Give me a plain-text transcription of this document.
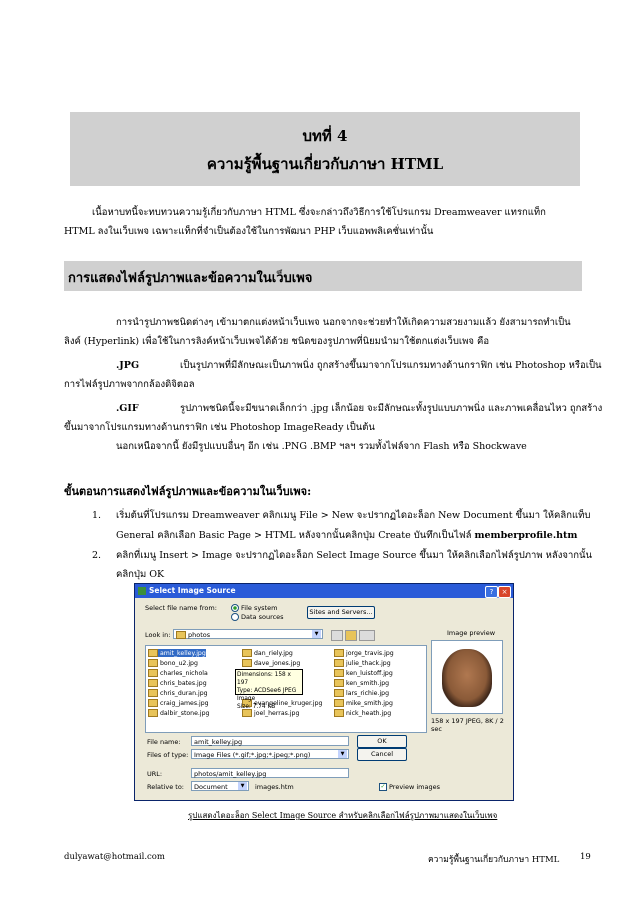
บทที่ 4
ความรู้พื้นฐานเกี่ยวกับภาษา HTML
เนื้อหาบทนี้จะทบทวนความรู้เกี่ยวกับภาษา HTML ซึ่งจะกล่าวถึงวิธีการใช้โปรแกรม Dreamweaver แทรกแท็ก
HTML ลงในเว็บเพจ เฉพาะแท็กที่จำเป็นต้องใช้ในการพัฒนา PHP เว็บแอพพลิเคชั่นเท่านั้น
การแสดงไฟล์รูปภาพและข้อความในเว็บเพจ
การนำรูปภาพชนิดต่างๆ เข้ามาตกแต่งหน้าเว็บเพจ นอกจากจะช่วยทำให้เกิดความสวยงามแล้ว ยังสามารถทำเป็น
ลิงค์ (Hyperlink) เพื่อใช้ในการลิงค์หน้าเว็บเพจได้ด้วย ชนิดของรูปภาพที่นิยมนำมาใช้ตกแต่งเว็บเพจ คือ
.JPG	เป็นรูปภาพที่มีลักษณะเป็นภาพนิ่ง ถูกสร้างขึ้นมาจากโปรแกรมทางด้านกราฟิก เช่น Photoshop หรือเป็น
การไฟล์รูปภาพจากกล้องดิจิตอล
.GIF	รูปภาพชนิดนี้จะมีขนาดเล็กกว่า .jpg เล็กน้อย จะมีลักษณะทั้งรูปแบบภาพนิ่ง และภาพเคลื่อนไหว ถูกสร้าง
ขึ้นมาจากโปรแกรมทางด้านกราฟิก เช่น Photoshop ImageReady เป็นต้น
นอกเหนือจากนี้ ยังมีรูปแบบอื่นๆ อีก เช่น .PNG .BMP ฯลฯ รวมทั้งไฟล์จาก Flash หรือ Shockwave
ขั้นตอนการแสดงไฟล์รูปภาพและข้อความในเว็บเพจ:
1. เริ่มต้นที่โปรแกรม Dreamweaver คลิกเมนู File > New จะปรากฏไดอะล็อก New Document ขึ้นมา ให้คลิกแท็บ
General คลิกเลือก Basic Page > HTML หลังจากนั้นคลิกปุ่ม Create บันทึกเป็นไฟล์ memberprofile.htm
2. คลิกที่เมนู Insert > Image จะปรากฏไดอะล็อก Select Image Source ขึ้นมา ให้คลิกเลือกไฟล์รูปภาพ หลังจากนั้น
คลิกปุ่ม OK
Select Image Source	?	×
Select file name from:	File system
Data sources
Sites and Servers...
Look in:	photos	▼	Image preview
amit_kelley.jpg
bono_u2.jpg
charles_nichola
chris_bates.jpg
chris_duran.jpg
craig_james.jpg
dalbir_stone.jpg
dan_riely.jpg
dave_jones.jpg
evangeline_kruger.jpg
joel_herras.jpg
jorge_travis.jpg
julie_thack.jpg
ken_luistoff.jpg
ken_smith.jpg
lars_richie.jpg
mike_smith.jpg
nick_heath.jpg
Dimensions: 158 x 197
Type: ACDSee6 JPEG Image
Size: 7.74 KB
158 x 197 JPEG, 8K / 2 sec
File name:	amit_kelley.jpg	OK
Files of type: Image Files (*.gif;*.jpg;*.jpeg;*.png)	▼	Cancel
URL:	photos/amit_kelley.jpg
Relative to:	Document	▼	images.htm	✓ Preview images
รูปแสดงไดอะล็อก Select Image Source สำหรับคลิกเลือกไฟล์รูปภาพมาแสดงในเว็บเพจ
dulyawat@hotmail.com	ความรู้พื้นฐานเกี่ยวกับภาษา HTML 19
